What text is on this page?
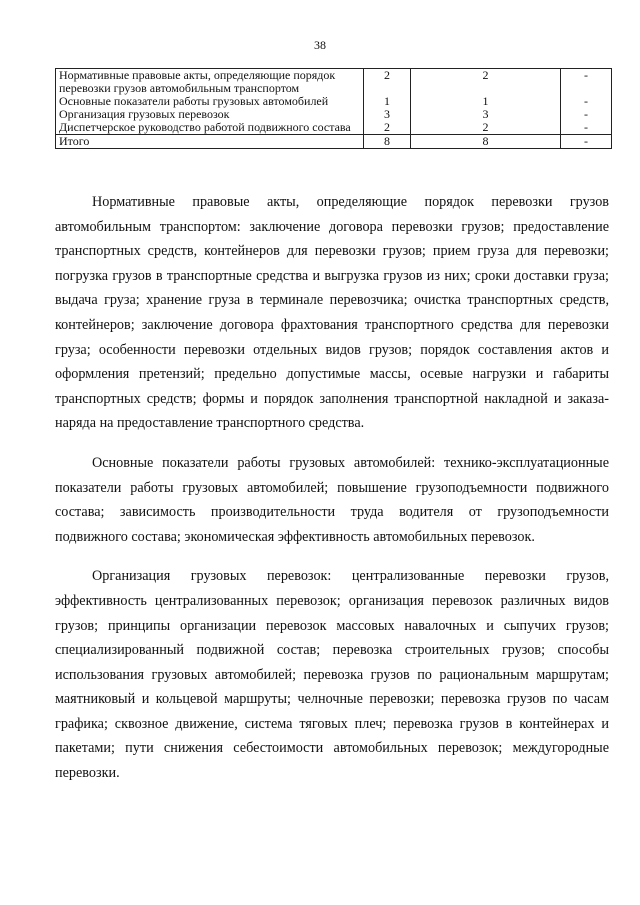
38
Нормативные правовые акты, определяющие порядок перевозки грузов автомобильным транспортом	2	2	-
Основные показатели работы грузовых автомобилей	1	1	-
Организация грузовых перевозок	3	3	-
Диспетчерское руководство работой подвижного состава	2	2	-
Итого	8	8	-

Нормативные правовые акты, определяющие порядок перевозки грузов автомобильным транспортом: заключение договора перевозки грузов; предоставление транспортных средств, контейнеров для перевозки грузов; прием груза для перевозки; погрузка грузов в транспортные средства и выгрузка грузов из них; сроки доставки груза; выдача груза; хранение груза в терминале перевозчика; очистка транспортных средств, контейнеров; заключение договора фрахтования транспортного средства для перевозки груза; особенности перевозки отдельных видов грузов; порядок составления актов и оформления претензий; предельно допустимые массы, осевые нагрузки и габариты транспортных средств; формы и порядок заполнения транспортной накладной и заказа-наряда на предоставление транспортного средства.

Основные показатели работы грузовых автомобилей: технико-эксплуатационные показатели работы грузовых автомобилей; повышение грузоподъемности подвижного состава; зависимость производительности труда водителя от грузоподъемности подвижного состава; экономическая эффективность автомобильных перевозок.

Организация грузовых перевозок: централизованные перевозки грузов, эффективность централизованных перевозок; организация перевозок различных видов грузов; принципы организации перевозок массовых навалочных и сыпучих грузов; специализированный подвижной состав; перевозка строительных грузов; способы использования грузовых автомобилей; перевозка грузов по рациональным маршрутам; маятниковый и кольцевой маршруты; челночные перевозки; перевозка грузов по часам графика; сквозное движение, система тяговых плеч; перевозка грузов в контейнерах и пакетами; пути снижения себестоимости автомобильных перевозок; междугородные перевозки.
